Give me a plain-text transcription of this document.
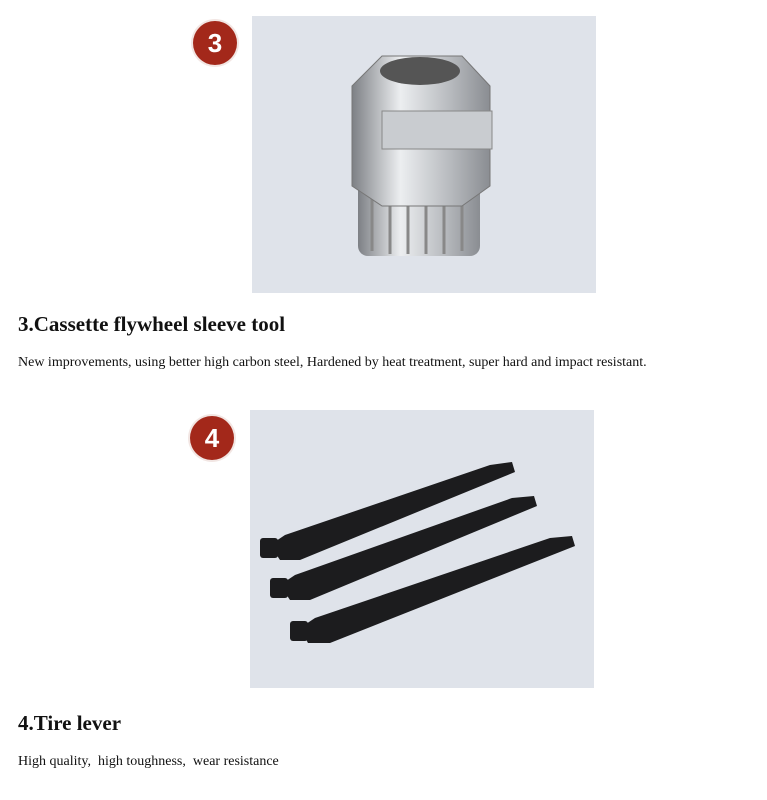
3
3.Cassette flywheel sleeve tool

New improvements, using better high carbon steel, Hardened by heat treatment, super hard and impact resistant.

4
4.Tire lever

High quality,  high toughness,  wear resistance
